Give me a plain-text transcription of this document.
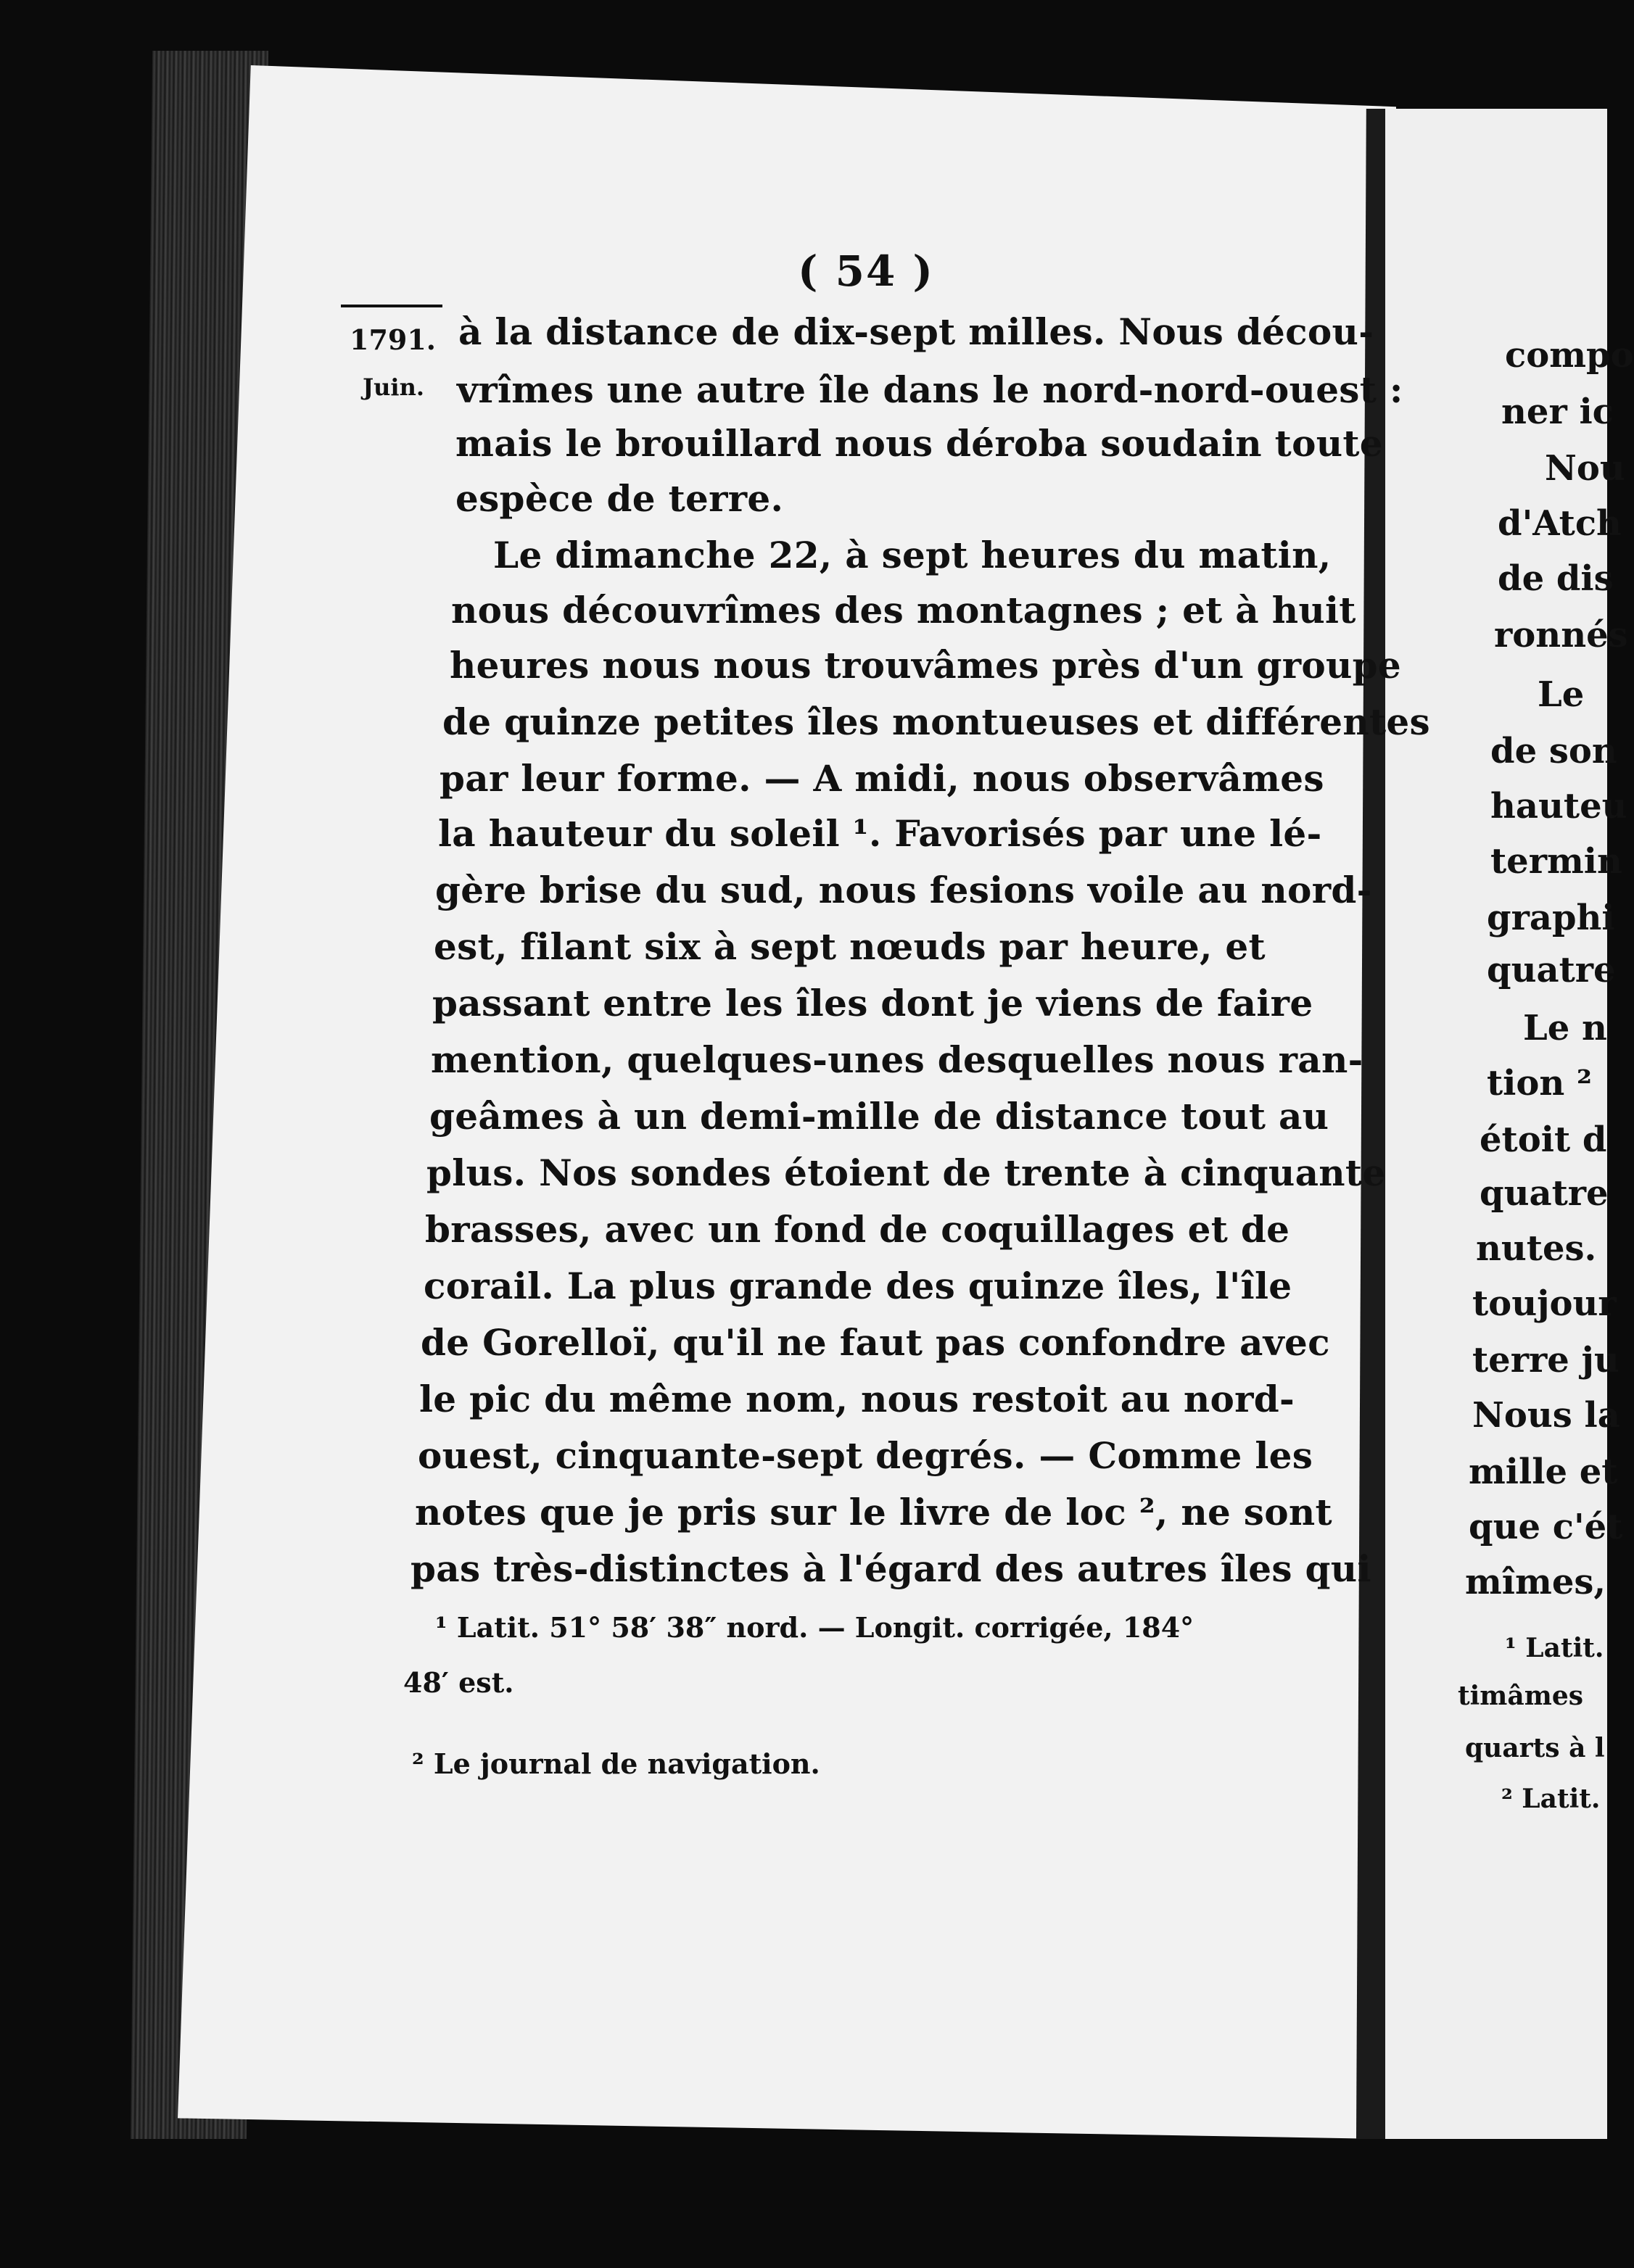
( 54 )
1791.
Juin.
à la distance de dix-sept milles. Nous décou-
vrîmes une autre île dans le nord-nord-ouest :
mais le brouillard nous déroba soudain toute
espèce de terre.
Le dimanche 22, à sept heures du matin,
nous découvrîmes des montagnes ; et à huit
heures nous nous trouvâmes près d'un groupe
de quinze petites îles montueuses et différentes
par leur forme. — A midi, nous observâmes
la hauteur du soleil ¹. Favorisés par une lé-
gère brise du sud, nous fesions voile au nord-
est, filant six à sept nœuds par heure, et
passant entre les îles dont je viens de faire
mention, quelques-unes desquelles nous ran-
geâmes à un demi-mille de distance tout au
plus. Nos sondes étoient de trente à cinquante
brasses, avec un fond de coquillages et de
corail. La plus grande des quinze îles, l'île
de Gorelloï, qu'il ne faut pas confondre avec
le pic du même nom, nous restoit au nord-
ouest, cinquante-sept degrés. — Comme les
notes que je pris sur le livre de loc ², ne sont
pas très-distinctes à l'égard des autres îles qui
¹ Latit. 51° 58′ 38″ nord. — Longit. corrigée, 184°
48′ est.
² Le journal de navigation.
compo
ner ic
Nou
d'Atch
de dis
ronnés
Le
de son
hauteu
termin
graphi
quatre
Le n
tion ²
étoit d
quatre
nutes.
toujour
terre ju
Nous la
mille et
que c'ét
mîmes,
¹ Latit.
timâmes
quarts à l
² Latit.
